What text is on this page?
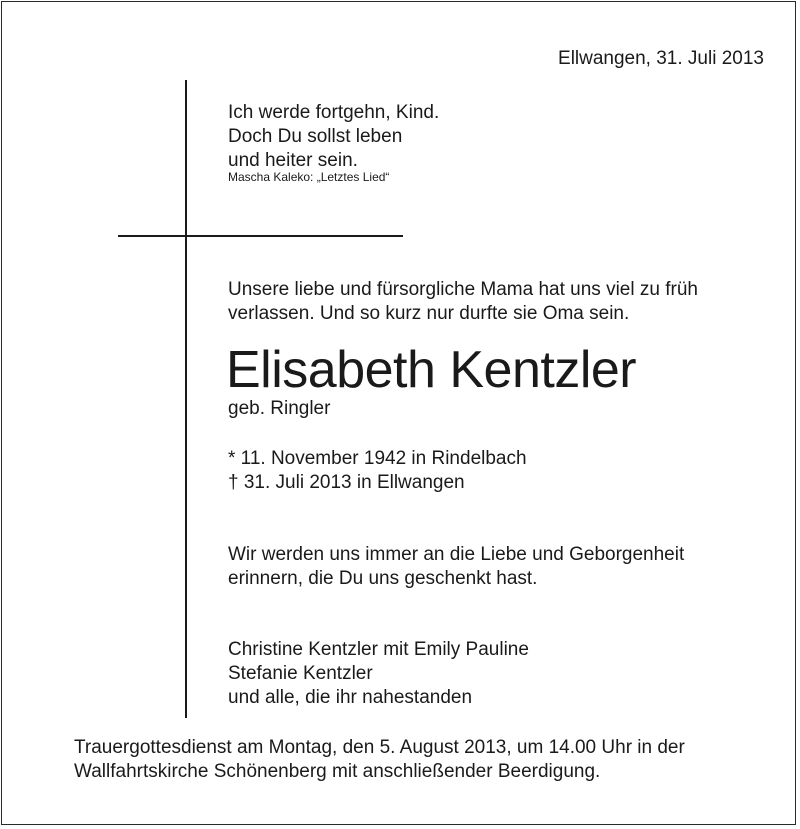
Ellwangen, 31. Juli 2013
Ich werde fortgehn, Kind.
Doch Du sollst leben
und heiter sein.
Mascha Kaleko: „Letztes Lied“
Unsere liebe und fürsorgliche Mama hat uns viel zu früh
verlassen. Und so kurz nur durfte sie Oma sein.
Elisabeth Kentzler
geb. Ringler
* 11. November 1942 in Rindelbach
† 31. Juli 2013 in Ellwangen
Wir werden uns immer an die Liebe und Geborgenheit
erinnern, die Du uns geschenkt hast.
Christine Kentzler mit Emily Pauline
Stefanie Kentzler
und alle, die ihr nahestanden
Trauergottesdienst am Montag, den 5. August 2013, um 14.00 Uhr in der
Wallfahrtskirche Schönenberg mit anschließender Beerdigung.
